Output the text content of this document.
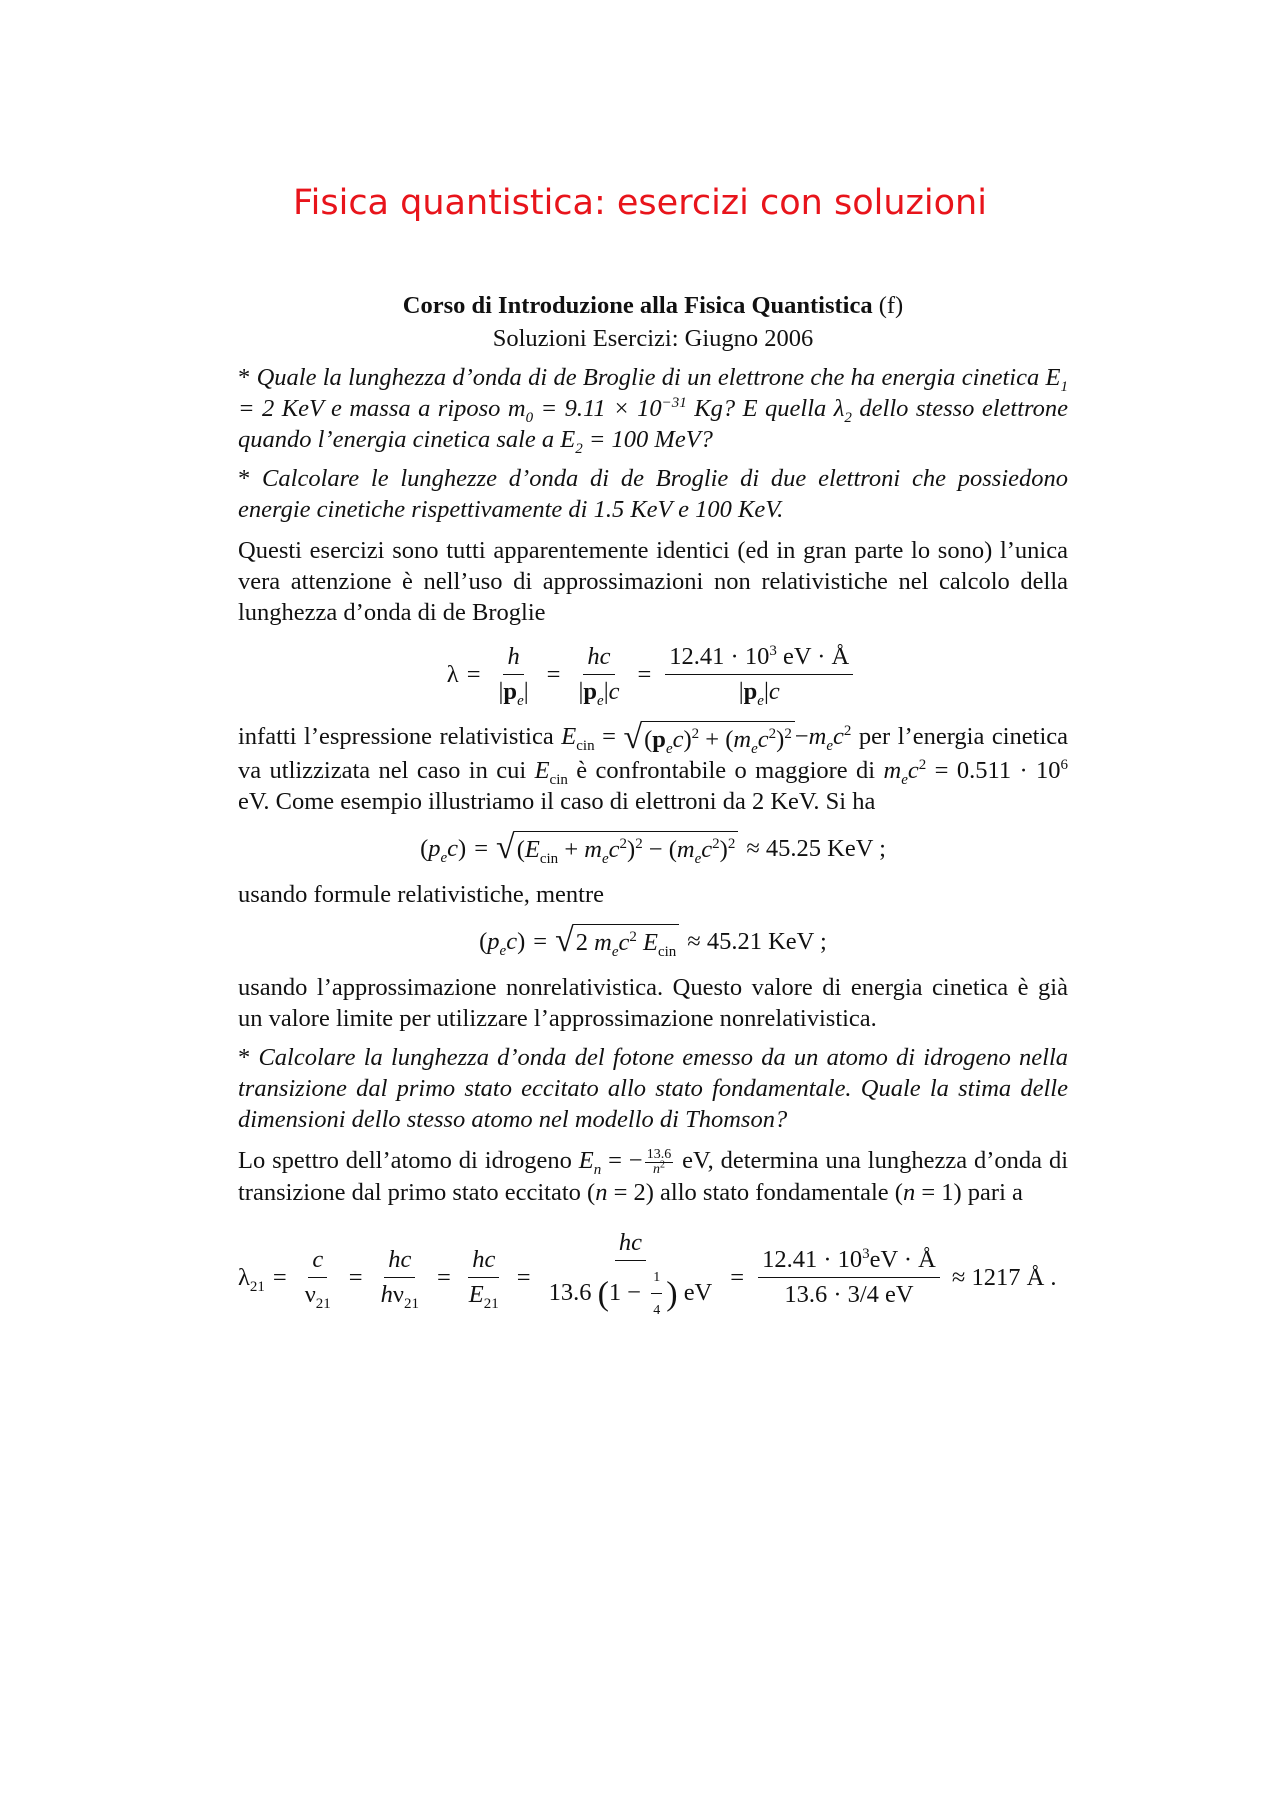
Fisica quantistica: esercizi con soluzioni

Corso di Introduzione alla Fisica Quantistica (f)

Soluzioni Esercizi: Giugno 2006

* Quale la lunghezza d’onda di de Broglie di un elettrone che ha energia cinetica $E_1 = 2$ KeV e massa a riposo $m_0 = 9.11 \times 10^{-31}$ Kg? E quella $\lambda_2$ dello stesso elettrone quando l’energia cinetica sale a $E_2 = 100$ MeV?

* Calcolare le lunghezze d’onda di de Broglie di due elettroni che possiedono energie cinetiche rispettivamente di 1.5 KeV e 100 KeV.

Questi esercizi sono tutti apparentemente identici (ed in gran parte lo sono) l’unica vera attenzione è nell’uso di approssimazioni non relativistiche nel calcolo della lunghezza d’onda di de Broglie

$\lambda = \frac{h}{|p_e|} = \frac{hc}{|p_e|c} = \frac{12.41 \cdot 10^3 eV \cdot Å}{|p_e|c}$

infatti l’espressione relativistica $E_{cin}$ = √ $(p_ec)^2 + (m_ec^2)^2 -m_ec^2$ per l’energia cinetica va utlizzizata nel caso in cui $E_{cin}$ è confrontabile o maggiore di $m_ec^2 = 0.511 \cdot 10^6$ eV. Come esempio illustriamo il caso di elettroni da 2 KeV. Si ha

$(p_ec)$ = √ $(E_{cin} + m_ec^2)^2 - (m_ec^2)^2 \approx 45.25$ KeV ;

usando formule relativistiche, mentre

$(p_ec)$ = √ 2 $m_ec^2$ $E_{cin} \approx 45.21$ KeV ;

usando l’approssimazione nonrelativistica. Questo valore di energia cinetica è già un valore limite per utilizzare l’approssimazione nonrelativistica.

* Calcolare la lunghezza d’onda del fotone emesso da un atomo di idrogeno nella transizione dal primo stato eccitato allo stato fondamentale. Quale la stima delle dimensioni dello stesso atomo nel modello di Thomson?

Lo spettro dell’atomo di idrogeno $E_n$ = − $\frac{13.6}{n^2}$ eV, determina una lunghezza d’onda di transizione dal primo stato eccitato (n = 2) allo stato fondamentale (n = 1) pari a

$\lambda_{21} = \frac{c}{\nu_{21}} = \frac{hc}{h\nu_{21}} = \frac{hc}{E_{21}} = \frac{hc}{13.6 (1 - \frac{1}{4} ) eV} = \frac{12.41 \cdot 10^3eV \cdot Å}{13.6 \cdot 3/4 eV} \approx 1217$ Å .
